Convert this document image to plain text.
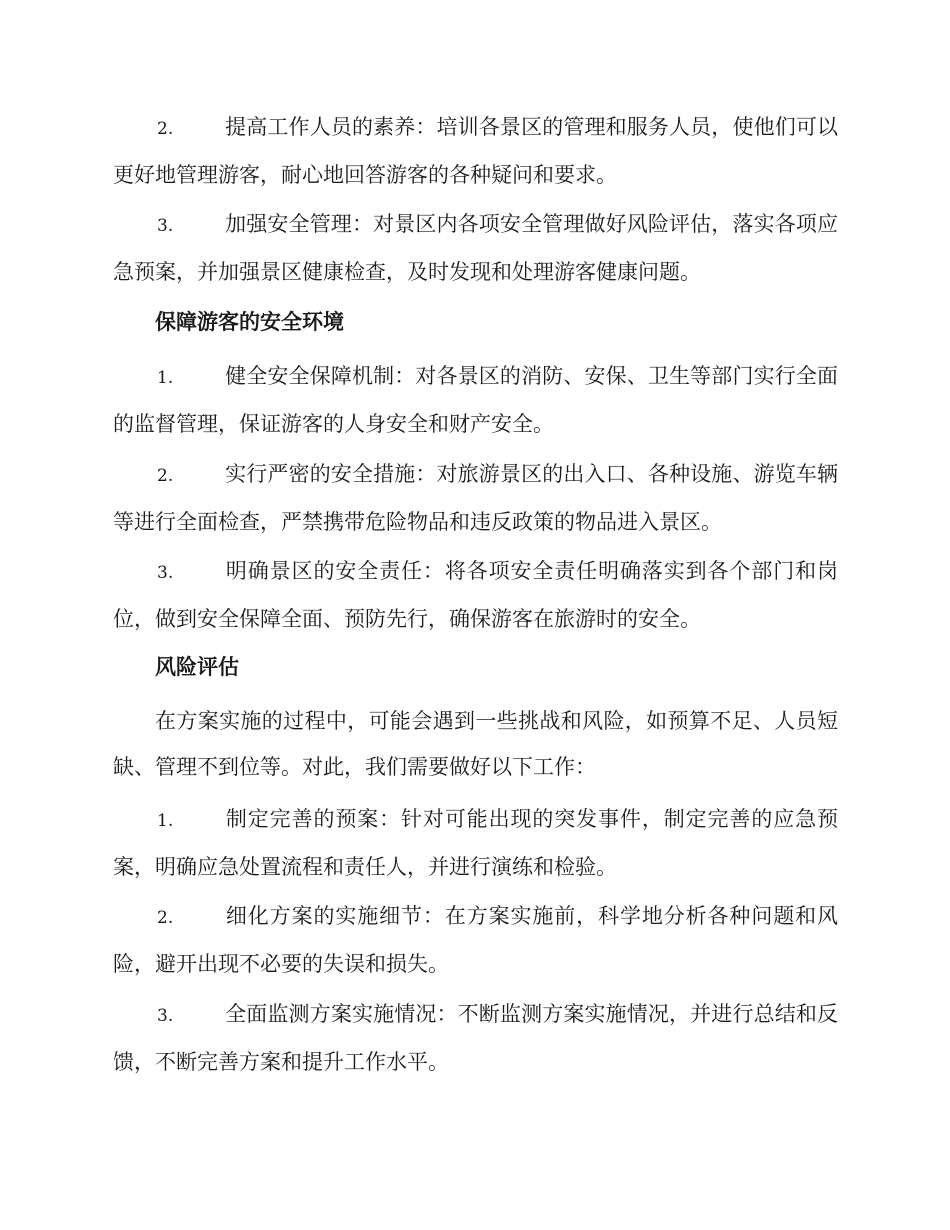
2. 提高工作人员的素养：培训各景区的管理和服务人员，使他们可以更好地管理游客，耐心地回答游客的各种疑问和要求。

3. 加强安全管理：对景区内各项安全管理做好风险评估，落实各项应急预案，并加强景区健康检查，及时发现和处理游客健康问题。

保障游客的安全环境

1. 健全安全保障机制：对各景区的消防、安保、卫生等部门实行全面的监督管理，保证游客的人身安全和财产安全。

2. 实行严密的安全措施：对旅游景区的出入口、各种设施、游览车辆等进行全面检查，严禁携带危险物品和违反政策的物品进入景区。

3. 明确景区的安全责任：将各项安全责任明确落实到各个部门和岗位，做到安全保障全面、预防先行，确保游客在旅游时的安全。

风险评估

在方案实施的过程中，可能会遇到一些挑战和风险，如预算不足、人员短缺、管理不到位等。对此，我们需要做好以下工作：

1. 制定完善的预案：针对可能出现的突发事件，制定完善的应急预案，明确应急处置流程和责任人，并进行演练和检验。

2. 细化方案的实施细节：在方案实施前，科学地分析各种问题和风险，避开出现不必要的失误和损失。

3. 全面监测方案实施情况：不断监测方案实施情况，并进行总结和反馈，不断完善方案和提升工作水平。
